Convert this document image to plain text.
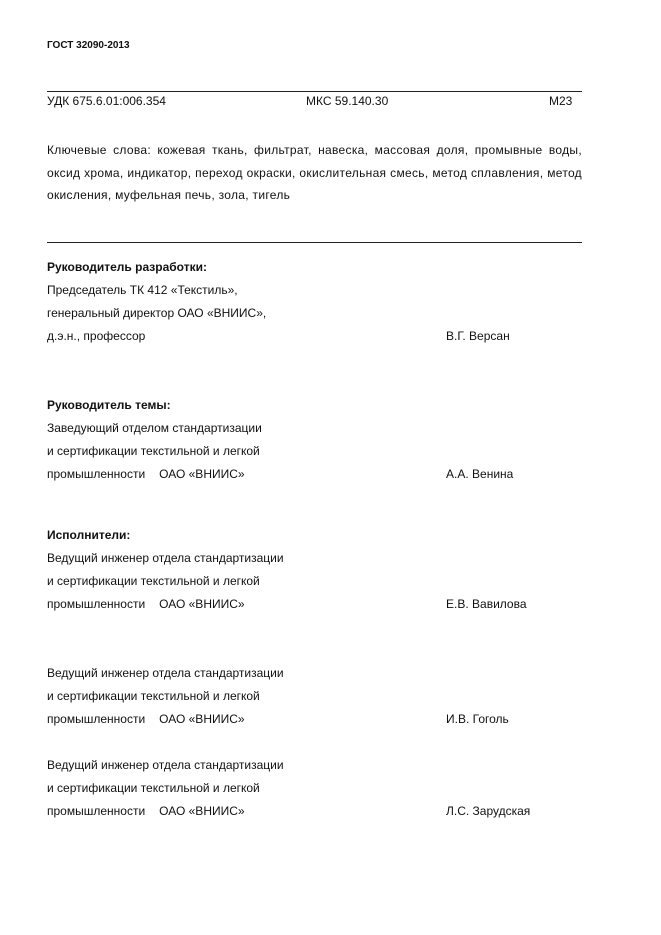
ГОСТ 32090-2013
УДК 675.6.01:006.354	МКС 59.140.30	М23
Ключевые слова: кожевая ткань, фильтрат, навеска, массовая доля, промывные воды, оксид хрома, индикатор, переход окраски, окислительная смесь, метод сплавления, метод окисления, муфельная печь, зола, тигель
Руководитель разработки:
Председатель ТК 412 «Текстиль»,
генеральный директор ОАО «ВНИИС»,
д.э.н., профессор	В.Г. Версан
Руководитель темы:
Заведующий отделом стандартизации
и сертификации текстильной и легкой
промышленности ОАО «ВНИИС»	А.А. Венина
Исполнители:
Ведущий инженер отдела стандартизации
и сертификации текстильной и легкой
промышленности ОАО «ВНИИС»	Е.В. Вавилова
Ведущий инженер отдела стандартизации
и сертификации текстильной и легкой
промышленности ОАО «ВНИИС»	И.В. Гоголь
Ведущий инженер отдела стандартизации
и сертификации текстильной и легкой
промышленности ОАО «ВНИИС»	Л.С. Зарудская
